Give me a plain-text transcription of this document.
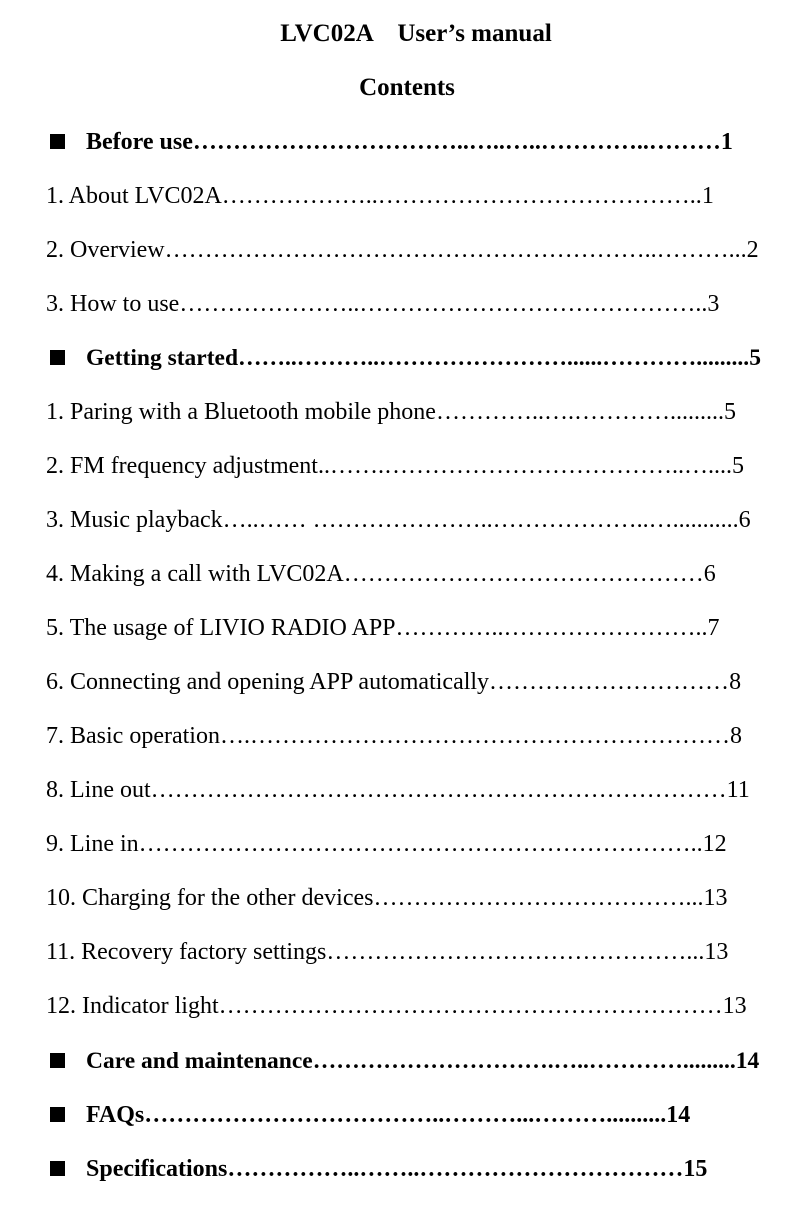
LVC02A    User’s manual
Contents
Before use……………………………..…..…..…………..………1
1. About LVC02A………………..…………………………………..1
2. Overview……………………………………………………..………...2
3. How to use…………………..……………………………………..3
Getting started……..………..……………………......………….........5
1. Paring with a Bluetooth mobile phone…………..….………….........5
2. FM frequency adjustment..…….………………………………..…....5
3. Music playback…..…… …………………..………………..…...........6
4. Making a call with LVC02A………………………………………6
5. The usage of LIVIO RADIO APP…………..……………………..7
6. Connecting and opening APP automatically…………………………8
7. Basic operation….……………………………………………………8
8. Line out………………………………………………………………11
9. Line in……………………………………………………………..12
10. Charging for the other devices…………………………………...13
11. Recovery factory settings………………………………………...13
12. Indicator light………………………………………………………13
Care and maintenance………………………….…..………….........14
FAQs………………………………..………...………..........14
Specifications……………..……..……………………………15
